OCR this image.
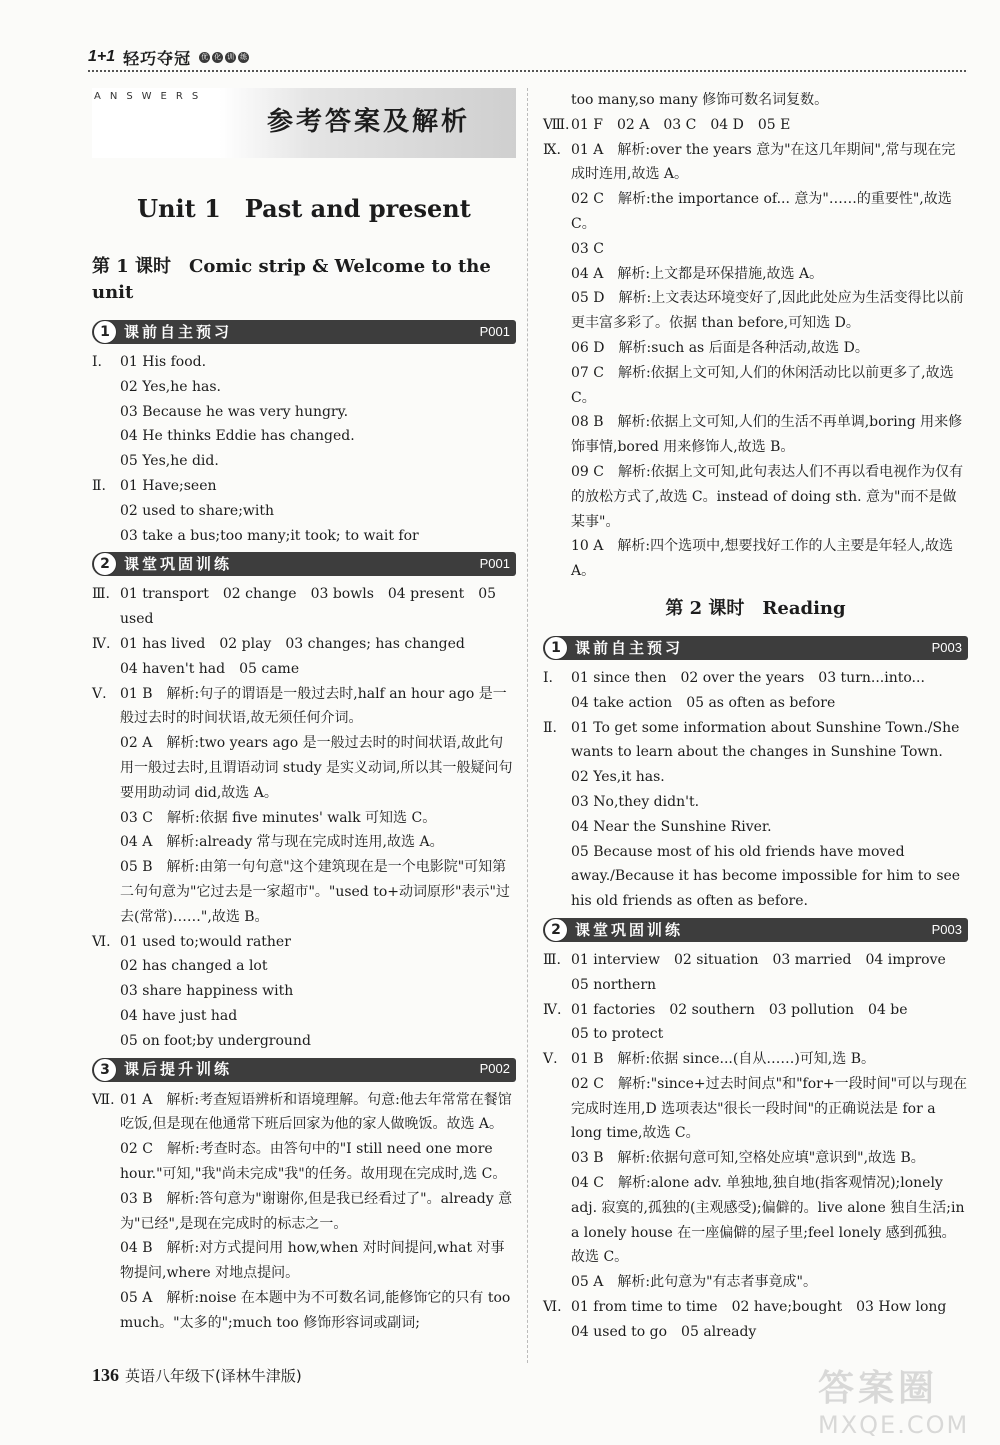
1+1 轻巧夺冠 优 化 训 练
ANSWERS
参考答案及解析
Unit 1　Past and present
第 1 课时　Comic strip & Welcome to the unit
1 课前自主预习	P001
Ⅰ. 01 His food.
02 Yes,he has.
03 Because he was very hungry.
04 He thinks Eddie has changed.
05 Yes,he did.
Ⅱ. 01 Have;seen
02 used to share;with
03 take a bus;too many;it took; to wait for
2 课堂巩固训练	P001
Ⅲ. 01 transport　02 change　03 bowls　04 present　05 used
Ⅳ. 01 has lived　02 play　03 changes; has changed
04 haven't had　05 came
Ⅴ. 01 B　解析:句子的谓语是一般过去时,half an hour ago 是一般过去时的时间状语,故无须任何介词。
02 A　解析:two years ago 是一般过去时的时间状语,故此句用一般过去时,且谓语动词 study 是实义动词,所以其一般疑问句要用助动词 did,故选 A。
03 C　解析:依据 five minutes' walk 可知选 C。
04 A　解析:already 常与现在完成时连用,故选 A。
05 B　解析:由第一句句意"这个建筑现在是一个电影院"可知第二句句意为"它过去是一家超市"。"used to+动词原形"表示"过去(常常)……",故选 B。
Ⅵ. 01 used to;would rather
02 has changed a lot
03 share happiness with
04 have just had
05 on foot;by underground
3 课后提升训练	P002
Ⅶ. 01 A　解析:考查短语辨析和语境理解。句意:他去年常常在餐馆吃饭,但是现在他通常下班后回家为他的家人做晚饭。故选 A。
02 C　解析:考查时态。由答句中的"I still need one more hour."可知,"我"尚未完成"我"的任务。故用现在完成时,选 C。
03 B　解析:答句意为"谢谢你,但是我已经看过了"。already 意为"已经",是现在完成时的标志之一。
04 B　解析:对方式提问用 how,when 对时间提问,what 对事物提问,where 对地点提问。
05 A　解析:noise 在本题中为不可数名词,能修饰它的只有 too much。"太多的";much too 修饰形容词或副词;
too many,so many 修饰可数名词复数。
Ⅷ. 01 F　02 A　03 C　04 D　05 E
Ⅸ. 01 A　解析:over the years 意为"在这几年期间",常与现在完成时连用,故选 A。
02 C　解析:the importance of... 意为"……的重要性",故选 C。
03 C
04 A　解析:上文都是环保措施,故选 A。
05 D　解析:上文表达环境变好了,因此此处应为生活变得比以前更丰富多彩了。依据 than before,可知选 D。
06 D　解析:such as 后面是各种活动,故选 D。
07 C　解析:依据上文可知,人们的休闲活动比以前更多了,故选 C。
08 B　解析:依据上文可知,人们的生活不再单调,boring 用来修饰事情,bored 用来修饰人,故选 B。
09 C　解析:依据上文可知,此句表达人们不再以看电视作为仅有的放松方式了,故选 C。instead of doing sth. 意为"而不是做某事"。
10 A　解析:四个选项中,想要找好工作的人主要是年轻人,故选 A。
第 2 课时　Reading
1 课前自主预习	P003
Ⅰ. 01 since then　02 over the years　03 turn...into...
04 take action　05 as often as before
Ⅱ. 01 To get some information about Sunshine Town./She wants to learn about the changes in Sunshine Town.
02 Yes,it has.
03 No,they didn't.
04 Near the Sunshine River.
05 Because most of his old friends have moved away./Because it has become impossible for him to see his old friends as often as before.
2 课堂巩固训练	P003
Ⅲ. 01 interview　02 situation　03 married　04 improve
05 northern
Ⅳ. 01 factories　02 southern　03 pollution　04 be
05 to protect
Ⅴ. 01 B　解析:依据 since...(自从……)可知,选 B。
02 C　解析:"since+过去时间点"和"for+一段时间"可以与现在完成时连用,D 选项表达"很长一段时间"的正确说法是 for a long time,故选 C。
03 B　解析:依据句意可知,空格处应填"意识到",故选 B。
04 C　解析:alone adv. 单独地,独自地(指客观情况);lonely adj. 寂寞的,孤独的(主观感受);偏僻的。live alone 独自生活;in a lonely house 在一座偏僻的屋子里;feel lonely 感到孤独。故选 C。
05 A　解析:此句意为"有志者事竟成"。
Ⅵ. 01 from time to time　02 have;bought　03 How long
04 used to go　05 already
136 英语八年级下(译林牛津版)	答案圈
MXQE.COM
